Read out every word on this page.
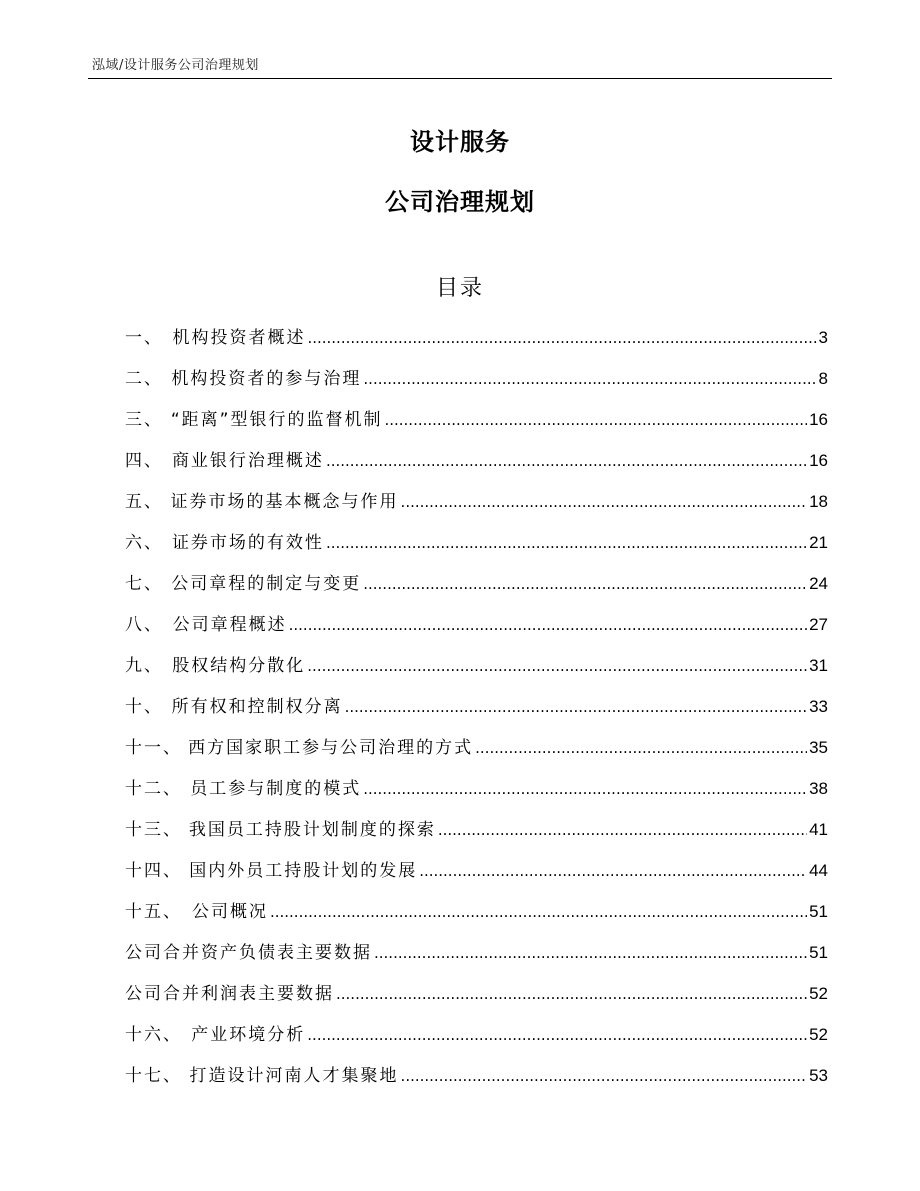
泓域/设计服务公司治理规划
设计服务
公司治理规划
目录
一、 机构投资者概述 .....	3
二、 机构投资者的参与治理 .....	8
三、 “距离”型银行的监督机制 .....	16
四、 商业银行治理概述 .....	16
五、 证券市场的基本概念与作用 .....	18
六、 证券市场的有效性 .....	21
七、 公司章程的制定与变更 .....	24
八、 公司章程概述 .....	27
九、 股权结构分散化 .....	31
十、 所有权和控制权分离 .....	33
十一、 西方国家职工参与公司治理的方式 .....	35
十二、 员工参与制度的模式 .....	38
十三、 我国员工持股计划制度的探索 .....	41
十四、 国内外员工持股计划的发展 .....	44
十五、 公司概况 .....	51
公司合并资产负债表主要数据 .....	51
公司合并利润表主要数据 .....	52
十六、 产业环境分析 .....	52
十七、 打造设计河南人才集聚地 .....	53
